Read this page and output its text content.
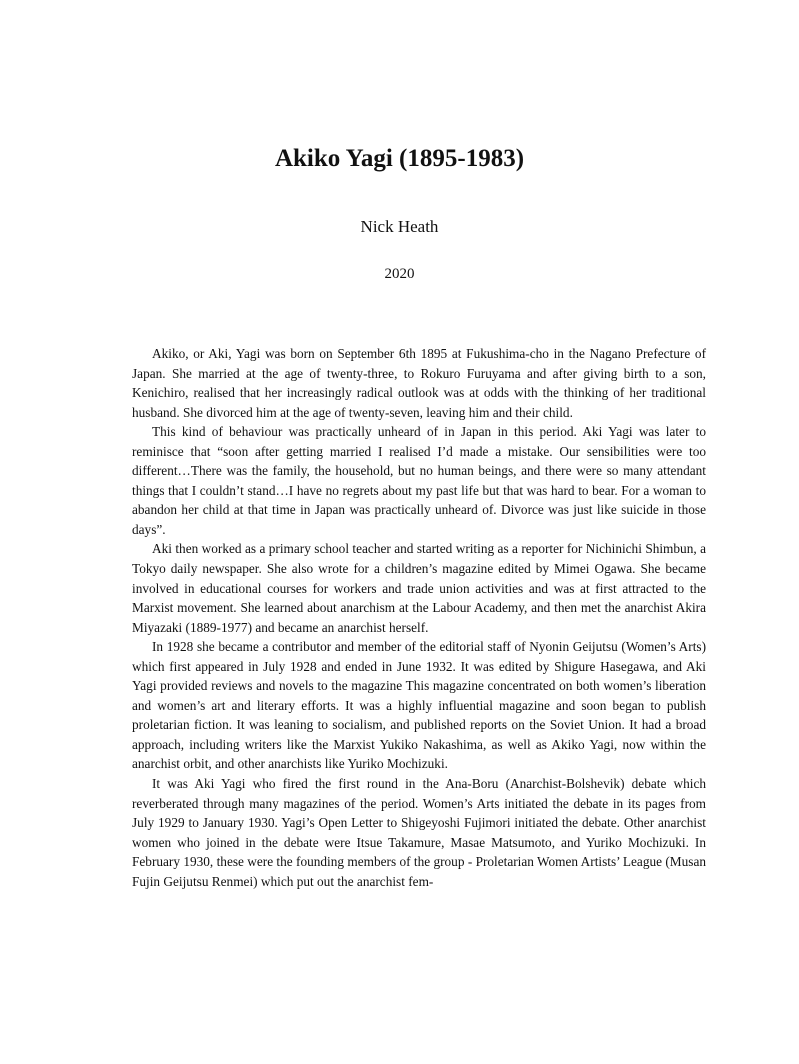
Akiko Yagi (1895-1983)
Nick Heath
2020

Akiko, or Aki, Yagi was born on September 6th 1895 at Fukushima-cho in the Nagano Prefecture of Japan. She married at the age of twenty-three, to Rokuro Furuyama and after giving birth to a son, Kenichiro, realised that her increasingly radical outlook was at odds with the thinking of her traditional husband. She divorced him at the age of twenty-seven, leaving him and their child.

This kind of behaviour was practically unheard of in Japan in this period. Aki Yagi was later to reminisce that “soon after getting married I realised I’d made a mistake. Our sensibilities were too different…There was the family, the household, but no human beings, and there were so many attendant things that I couldn’t stand…I have no regrets about my past life but that was hard to bear. For a woman to abandon her child at that time in Japan was practically unheard of. Divorce was just like suicide in those days”.

Aki then worked as a primary school teacher and started writing as a reporter for Nichinichi Shimbun, a Tokyo daily newspaper. She also wrote for a children’s magazine edited by Mimei Ogawa. She became involved in educational courses for workers and trade union activities and was at first attracted to the Marxist movement. She learned about anarchism at the Labour Academy, and then met the anarchist Akira Miyazaki (1889-1977) and became an anarchist herself.

In 1928 she became a contributor and member of the editorial staff of Nyonin Geijutsu (Women’s Arts) which first appeared in July 1928 and ended in June 1932. It was edited by Shigure Hasegawa, and Aki Yagi provided reviews and novels to the magazine This magazine concentrated on both women’s liberation and women’s art and literary efforts. It was a highly influential magazine and soon began to publish proletarian fiction. It was leaning to socialism, and published reports on the Soviet Union. It had a broad approach, including writers like the Marxist Yukiko Nakashima, as well as Akiko Yagi, now within the anarchist orbit, and other anarchists like Yuriko Mochizuki.

It was Aki Yagi who fired the first round in the Ana-Boru (Anarchist-Bolshevik) debate which reverberated through many magazines of the period. Women’s Arts initiated the debate in its pages from July 1929 to January 1930. Yagi’s Open Letter to Shigeyoshi Fujimori initiated the debate. Other anarchist women who joined in the debate were Itsue Takamure, Masae Matsumoto, and Yuriko Mochizuki. In February 1930, these were the founding members of the group - Proletarian Women Artists’ League (Musan Fujin Geijutsu Renmei) which put out the anarchist fem-
